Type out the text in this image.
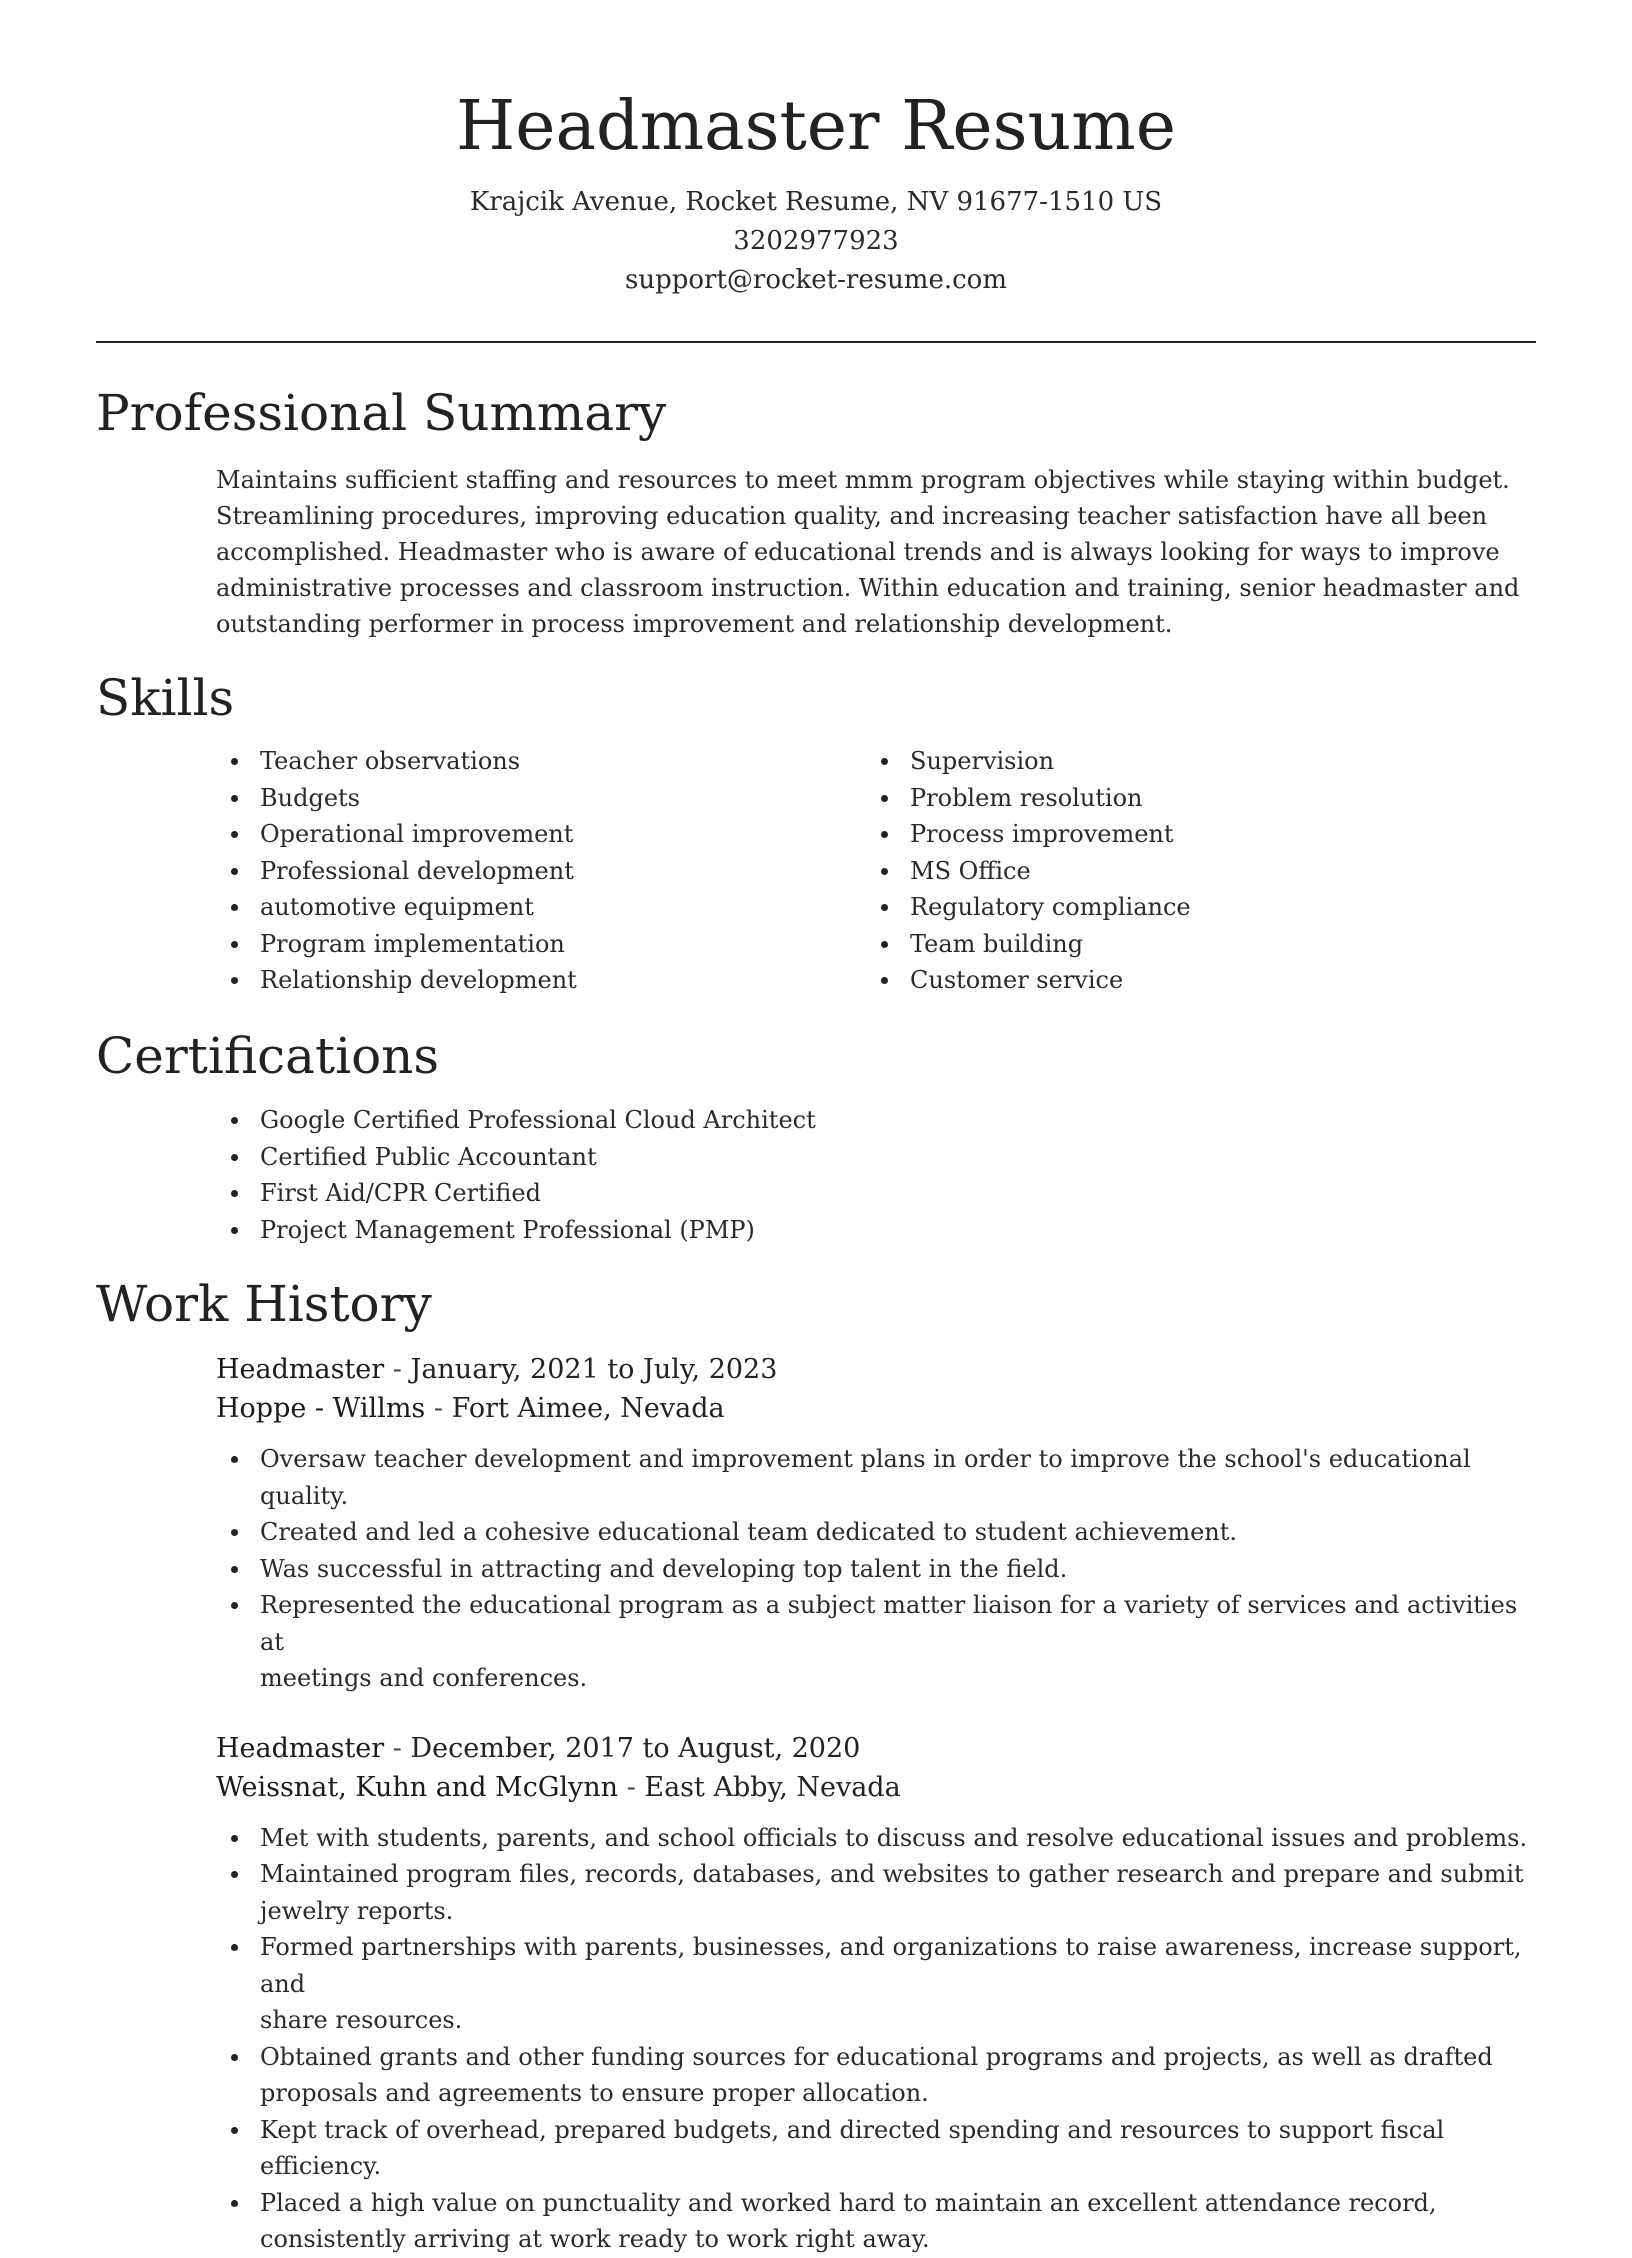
Headmaster Resume
Krajcik Avenue, Rocket Resume, NV 91677-1510 US
3202977923
support@rocket-resume.com
Professional Summary
Maintains sufficient staffing and resources to meet mmm program objectives while staying within budget.
Streamlining procedures, improving education quality, and increasing teacher satisfaction have all been
accomplished. Headmaster who is aware of educational trends and is always looking for ways to improve
administrative processes and classroom instruction. Within education and training, senior headmaster and
outstanding performer in process improvement and relationship development.
Skills
Teacher observations
Budgets
Operational improvement
Professional development
automotive equipment
Program implementation
Relationship development
Supervision
Problem resolution
Process improvement
MS Office
Regulatory compliance
Team building
Customer service
Certifications
Google Certified Professional Cloud Architect
Certified Public Accountant
First Aid/CPR Certified
Project Management Professional (PMP)
Work History
Headmaster - January, 2021 to July, 2023
Hoppe - Willms - Fort Aimee, Nevada
Oversaw teacher development and improvement plans in order to improve the school's educational quality.
Created and led a cohesive educational team dedicated to student achievement.
Was successful in attracting and developing top talent in the field.
Represented the educational program as a subject matter liaison for a variety of services and activities at
meetings and conferences.
Headmaster - December, 2017 to August, 2020
Weissnat, Kuhn and McGlynn - East Abby, Nevada
Met with students, parents, and school officials to discuss and resolve educational issues and problems.
Maintained program files, records, databases, and websites to gather research and prepare and submit
jewelry reports.
Formed partnerships with parents, businesses, and organizations to raise awareness, increase support, and
share resources.
Obtained grants and other funding sources for educational programs and projects, as well as drafted
proposals and agreements to ensure proper allocation.
Kept track of overhead, prepared budgets, and directed spending and resources to support fiscal efficiency.
Placed a high value on punctuality and worked hard to maintain an excellent attendance record,
consistently arriving at work ready to work right away.
